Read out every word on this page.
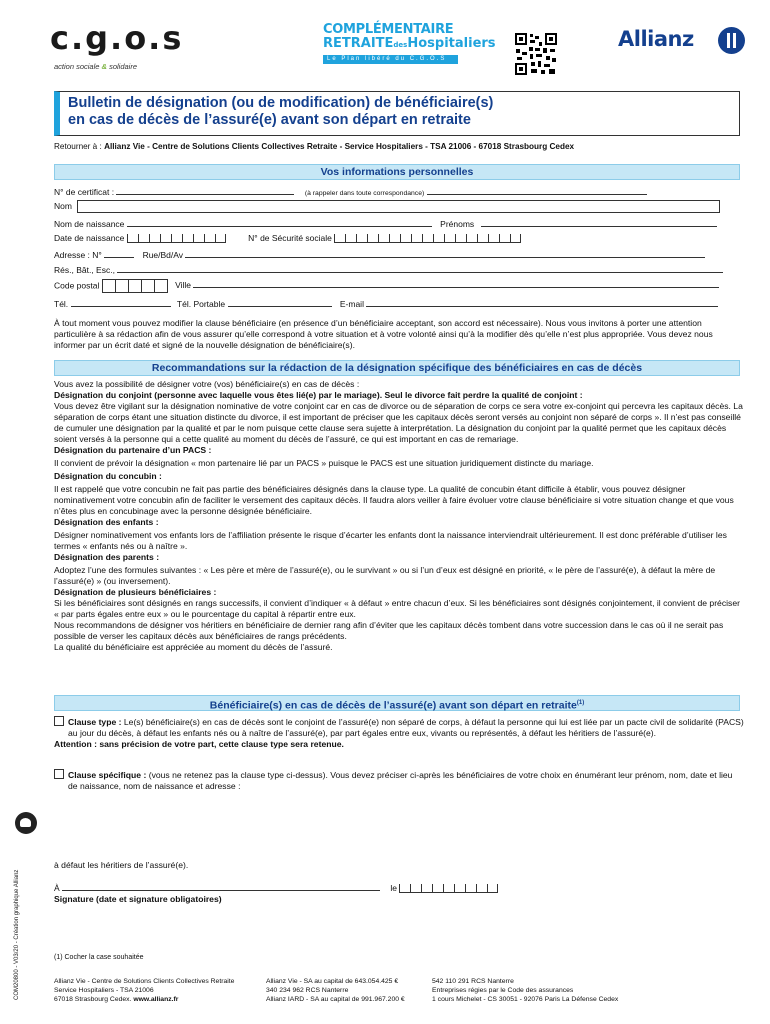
c.g.o.s
action sociale & solidaire
COMPLÉMENTAIRE
RETRAITEdesHospitaliers
Le Plan libéré du C.G.O.S
Allianz
Bulletin de désignation (ou de modification) de bénéficiaire(s)
en cas de décès de l’assuré(e) avant son départ en retraite
Retourner à : Allianz Vie - Centre de Solutions Clients Collectives Retraite - Service Hospitaliers - TSA 21006 - 67018 Strasbourg Cedex
Vos informations personnelles
N° de certificat :	(à rappeler dans toute correspondance)
Nom
Nom de naissance	Prénoms
Date de naissance	N° de Sécurité sociale
Adresse : N°	Rue/Bd/Av
Rés., Bât., Esc.,
Code postal	Ville
Tél.	Tél. Portable	E-mail
À tout moment vous pouvez modifier la clause bénéficiaire (en présence d’un bénéficiaire acceptant, son accord est nécessaire). Nous vous invitons à porter une attention particulière à sa rédaction afin de vous assurer qu’elle correspond à votre situation et à votre volonté ainsi qu’à la modifier dès qu’elle n’est plus appropriée. Vous devez nous informer par un écrit daté et signé de la nouvelle désignation de bénéficiaire(s).
Recommandations sur la rédaction de la désignation spécifique des bénéficiaires en cas de décès
Vous avez la possibilité de désigner votre (vos) bénéficiaire(s) en cas de décès :
Désignation du conjoint (personne avec laquelle vous êtes lié(e) par le mariage). Seul le divorce fait perdre la qualité de conjoint :
Vous devez être vigilant sur la désignation nominative de votre conjoint car en cas de divorce ou de séparation de corps ce sera votre ex-conjoint qui percevra les capitaux décès. La séparation de corps étant une situation distincte du divorce, il est important de préciser que les capitaux décès seront versés au conjoint non séparé de corps ». Il n’est pas conseillé de cumuler une désignation par la qualité et par le nom puisque cette clause sera sujette à interprétation. La désignation du conjoint par la qualité permet que les capitaux décès soient versés à la personne qui a cette qualité au moment du décès de l’assuré, ce qui est important en cas de remariage.
Désignation du partenaire d’un PACS :
Il convient de prévoir la désignation « mon partenaire lié par un PACS » puisque le PACS est une situation juridiquement distincte du mariage.
Désignation du concubin :
Il est rappelé que votre concubin ne fait pas partie des bénéficiaires désignés dans la clause type. La qualité de concubin étant difficile à établir, vous pouvez désigner nominativement votre concubin afin de faciliter le versement des capitaux décès. Il faudra alors veiller à faire évoluer votre clause bénéficiaire si votre situation change et que vous n’êtes plus en concubinage avec la personne désignée bénéficiaire.
Désignation des enfants :
Désigner nominativement vos enfants lors de l’affiliation présente le risque d’écarter les enfants dont la naissance interviendrait ultérieurement. Il est donc préférable d’utiliser les termes « enfants nés ou à naître ».
Désignation des parents :
Adoptez l’une des formules suivantes : « Les père et mère de l’assuré(e), ou le survivant » ou si l’un d’eux est désigné en priorité, « le père de l’assuré(e), à défaut la mère de l’assuré(e) » (ou inversement).
Désignation de plusieurs bénéficiaires :
Si les bénéficiaires sont désignés en rangs successifs, il convient d’indiquer « à défaut » entre chacun d’eux. Si les bénéficiaires sont désignés conjointement, il convient de préciser « par parts égales entre eux » ou le pourcentage du capital à répartir entre eux.
Nous recommandons de désigner vos héritiers en bénéficiaire de dernier rang afin d’éviter que les capitaux décès tombent dans votre succession dans le cas où il ne serait pas possible de verser les capitaux décès aux bénéficiaires de rangs précédents.
La qualité du bénéficiaire est appréciée au moment du décès de l’assuré.
Bénéficiaire(s) en cas de décès de l’assuré(e) avant son départ en retraite$^{(1)}$
Clause type : Le(s) bénéficiaire(s) en cas de décès sont le conjoint de l’assuré(e) non séparé de corps, à défaut la personne qui lui est liée par un pacte civil de solidarité (PACS) au jour du décès, à défaut les enfants nés ou à naître de l’assuré(e), par part égales entre eux, vivants ou représentés, à défaut les héritiers de l’assuré(e).
Attention : sans précision de votre part, cette clause type sera retenue.
Clause spécifique : (vous ne retenez pas la clause type ci-dessus). Vous devez préciser ci-après les bénéficiaires de votre choix en énumérant leur prénom, nom, date et lieu de naissance, nom de naissance et adresse :
à défaut les héritiers de l’assuré(e).
À	le
Signature (date et signature obligatoires)
(1) Cocher la case souhaitée
Allianz Vie - Centre de Solutions Clients Collectives Retraite
Service Hospitaliers - TSA 21006
67018 Strasbourg Cedex. www.allianz.fr
Allianz Vie - SA au capital de 643.054.425 €
340 234 962 RCS Nanterre
Allianz IARD - SA au capital de 991.967.200 €
542 110 291 RCS Nanterre
Entreprises régies par le Code des assurances
1 cours Michelet - CS 30051 - 92076 Paris La Défense Cedex
COM20800 - V03/20 - Création graphique Allianz
